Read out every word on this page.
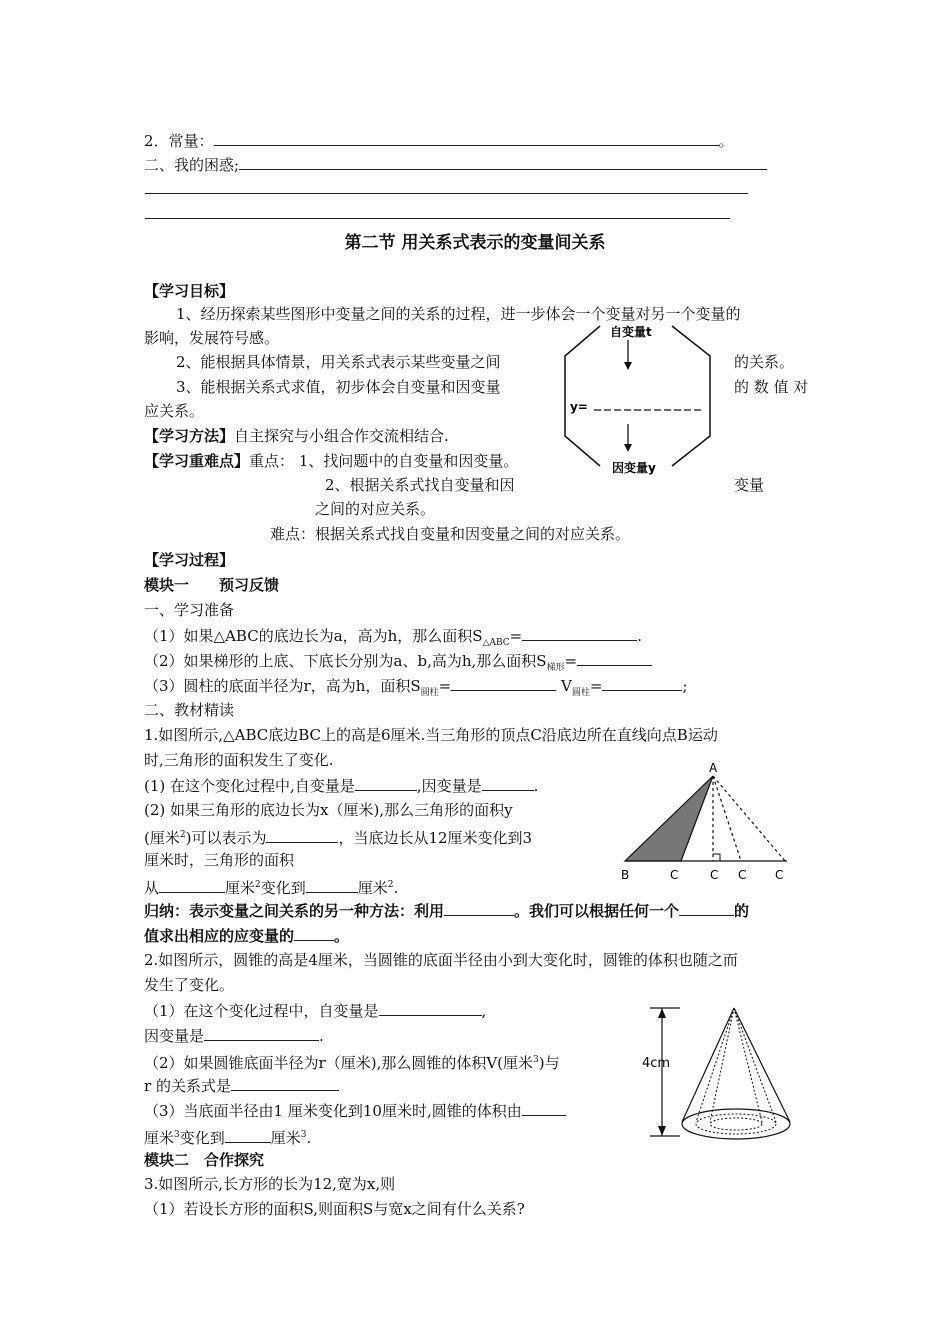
2．常量：	。
二、我的困惑;
第二节 用关系式表示的变量间关系
【学习目标】
1、经历探索某些图形中变量之间的关系的过程，进一步体会一个变量对另一个变量的
影响，发展符号感。
2、能根据具体情景，用关系式表示某些变量之间	的关系。
3、能根据关系式求值，初步体会自变量和因变量	的 数 值 对
应关系。
【学习方法】自主探究与小组合作交流相结合.
【学习重难点】重点： 1、找问题中的自变量和因变量。
2、根据关系式找自变量和因	变量
之间的对应关系。
难点：根据关系式找自变量和因变量之间的对应关系。
自变量t
y=
因变量y
【学习过程】
模块一　　预习反馈
一、学习准备
（1）如果△ABC的底边长为a，高为h，那么面积$S_{\triangle ABC}=$	.
（2）如果梯形的上底、下底长分别为a、b,高为h,那么面积$S_{梯形}=$
（3）圆柱的底面半径为r，高为h，面积$S_{圆柱}=$	$V_{圆柱}=$	;
二、教材精读
1.如图所示,△ABC底边BC上的高是6厘米.当三角形的顶点C沿底边所在直线向点B运动
时,三角形的面积发生了变化.
(1) 在这个变化过程中,自变量是	,因变量是	.
(2) 如果三角形的底边长为x（厘米),那么三角形的面积y
(厘米$^2$)可以表示为	，当底边长从12厘米变化到3
厘米时，三角形的面积
从	厘米$^2$变化到	厘米$^2$.
A
B	C	C C C
归纳：表示变量之间关系的另一种方法：利用	。我们可以根据任何一个	的
值求出相应的应变量的	。
2.如图所示，圆锥的高是4厘米，当圆锥的底面半径由小到大变化时，圆锥的体积也随之而
发生了变化。
（1）在这个变化过程中，自变量是	,
因变量是	.
（2）如果圆锥底面半径为r（厘米),那么圆锥的体积V(厘米$^3$)与
r 的关系式是
（3）当底面半径由1 厘米变化到10厘米时,圆锥的体积由
厘米$^3$变化到	厘米$^3$.
4cm
模块二　合作探究
3.如图所示,长方形的长为12,宽为x,则
（1）若设长方形的面积S,则面积S与宽x之间有什么关系?
